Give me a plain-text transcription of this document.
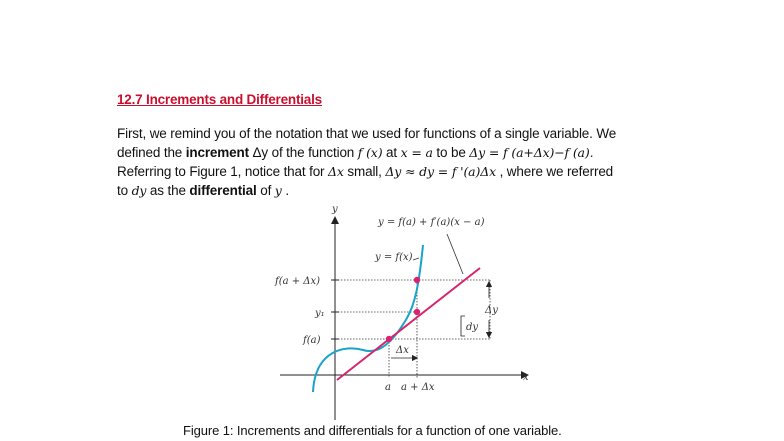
12.7 Increments and Differentials
First, we remind you of the notation that we used for functions of a single variable. We
defined the increment Δy of the function f (x) at x = a to be Δy = f (a+Δx)−f (a).
Referring to Figure 1, notice that for Δx small, Δy ≈ dy = f '(a)Δx , where we referred
to dy as the differential of y .
y
x
y = f(a) + f′(a)(x − a)
y = f(x)
f(a + Δx)
y₁
f(a)
Δx
dy
Δy
a a + Δx
Figure 1: Increments and differentials for a function of one variable.
